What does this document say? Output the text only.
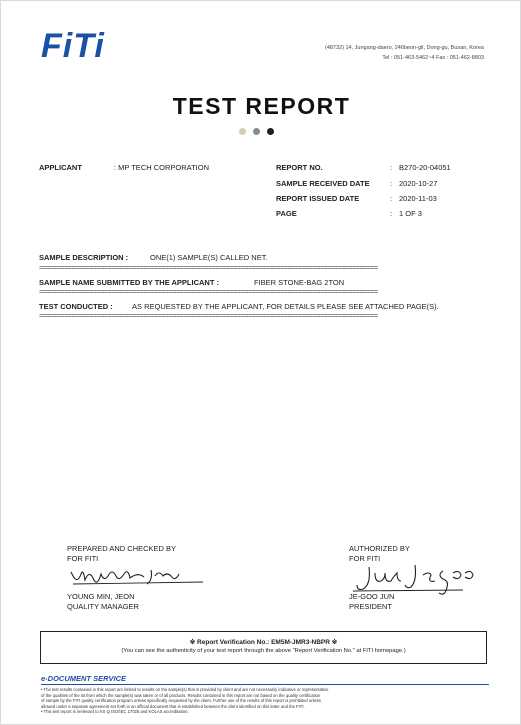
FiTi	(48732) 14, Jungang-daero, 246beon-gil, Dong-gu, Busan, Korea
Tel : 051-463-5462~4 Fax : 051-462-8803
TEST REPORT
APPLICANT	: MP TECH CORPORATION	REPORT NO.	: B270-20-04051
SAMPLE RECEIVED DATE	: 2020-10-27
REPORT ISSUED DATE	: 2020-11-03
PAGE	: 1 OF 3
SAMPLE DESCRIPTION :	ONE(1) SAMPLE(S) CALLED NET.
==============================================================================================
SAMPLE NAME SUBMITTED BY THE APPLICANT :	FIBER STONE-BAG 2TON
==============================================================================================
TEST CONDUCTED :	AS REQUESTED BY THE APPLICANT, FOR DETAILS PLEASE SEE ATTACHED PAGE(S).
==============================================================================================
PREPARED AND CHECKED BY
FOR FITI
YOUNG MIN, JEON
QUALITY MANAGER
AUTHORIZED BY
FOR FITI
JE-GOO JUN
PRESIDENT
※ Report Verification No.: EM5M-JMR3-NBPR ※
(You can see the authenticity of your test report through the above "Report Verification No." at FITI homepage.)
e-DOCUMENT SERVICE
• The test results contained in this report are limited to results on the sample(s) that is provided by client and are not necessarily indicative or representative
of the qualities of the lot from which the sample(s) was taken or of all products. Results contained in this report are not based on the quality certification
of sample by the FITI quality certification program unless specifically requested by the client. Further use of the results of this report is prohibited unless
allowed under a separate agreement set forth in an official document that is established between the client identified on this letter and the FITI.
• This test report is irrelevant to KS Q ISO/IEC 17025 and KOLAS accreditation.
